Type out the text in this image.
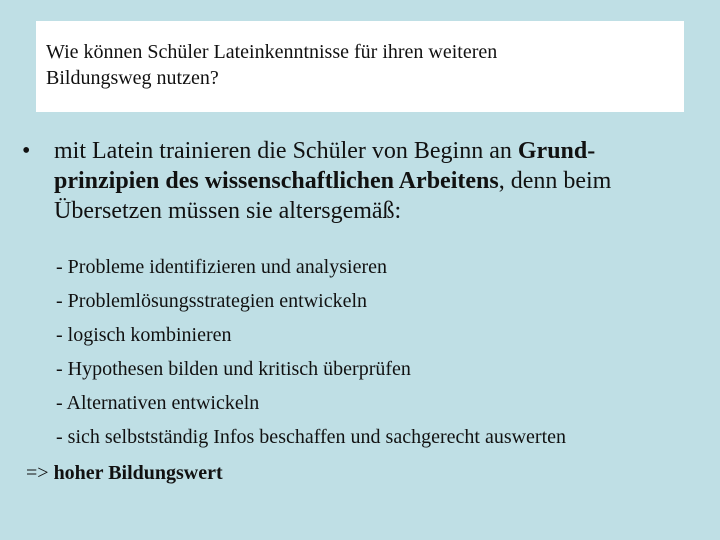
Wie können Schüler Lateinkenntnisse für ihren weiteren
Bildungsweg nutzen?

• mit Latein trainieren die Schüler von Beginn an Grund-prinzipien des wissenschaftlichen Arbeitens, denn beim Übersetzen müssen sie altersgemäß:
- Probleme identifizieren und analysieren
- Problemlösungsstrategien entwickeln
- logisch kombinieren
- Hypothesen bilden und kritisch überprüfen
- Alternativen entwickeln
- sich selbstständig Infos beschaffen und sachgerecht auswerten
=> hoher Bildungswert
